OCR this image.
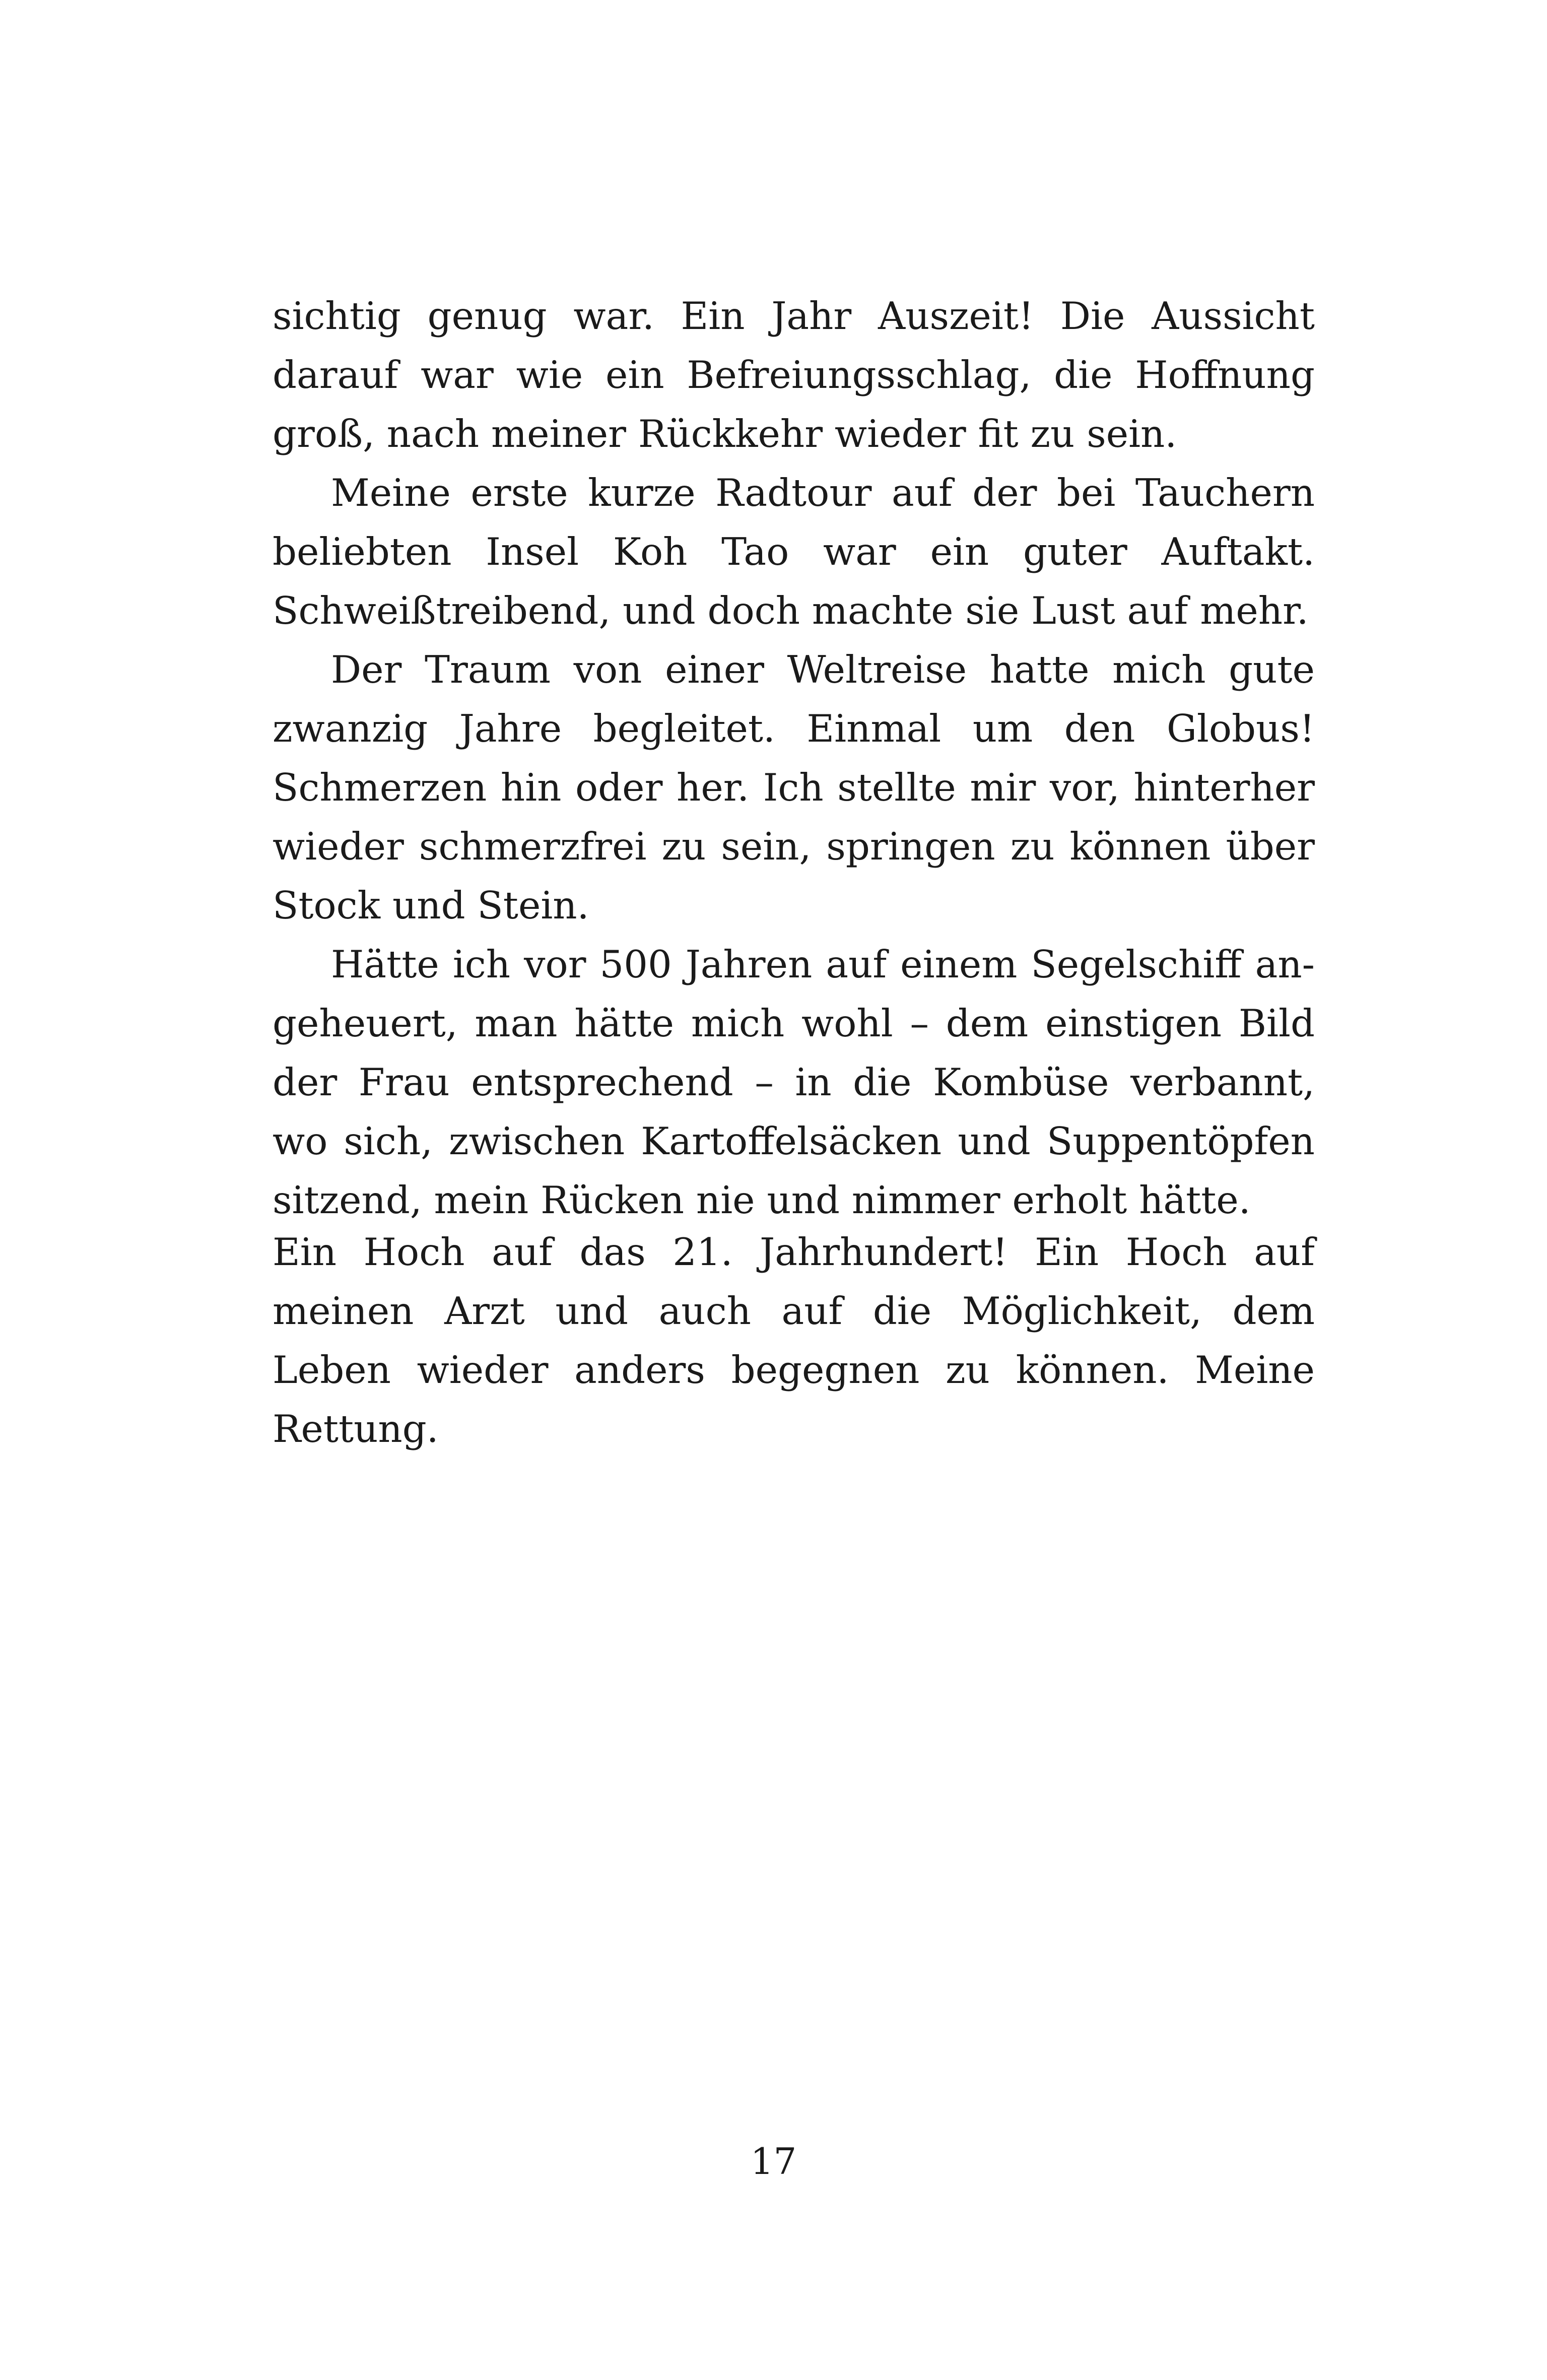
sichtig genug war. Ein Jahr Auszeit! Die Aussicht darauf war wie ein Befreiungsschlag, die Hoffnung groß, nach meiner Rückkehr wieder fit zu sein.

Meine erste kurze Radtour auf der bei Tauchern beliebten Insel Koh Tao war ein guter Auftakt. Schweißtreibend, und doch machte sie Lust auf mehr.

Der Traum von einer Weltreise hatte mich gute zwanzig Jahre begleitet. Einmal um den Globus! Schmerzen hin oder her. Ich stellte mir vor, hinterher wieder schmerzfrei zu sein, springen zu können über Stock und Stein.

Hätte ich vor 500 Jahren auf einem Segelschiff angeheuert, man hätte mich wohl – dem einstigen Bild der Frau entsprechend – in die Kombüse verbannt, wo sich, zwischen Kartoffelsäcken und Suppentöpfen sitzend, mein Rücken nie und nimmer erholt hätte.

Ein Hoch auf das 21. Jahrhundert! Ein Hoch auf meinen Arzt und auch auf die Möglichkeit, dem Leben wieder anders begegnen zu können. Meine Rettung.

17
